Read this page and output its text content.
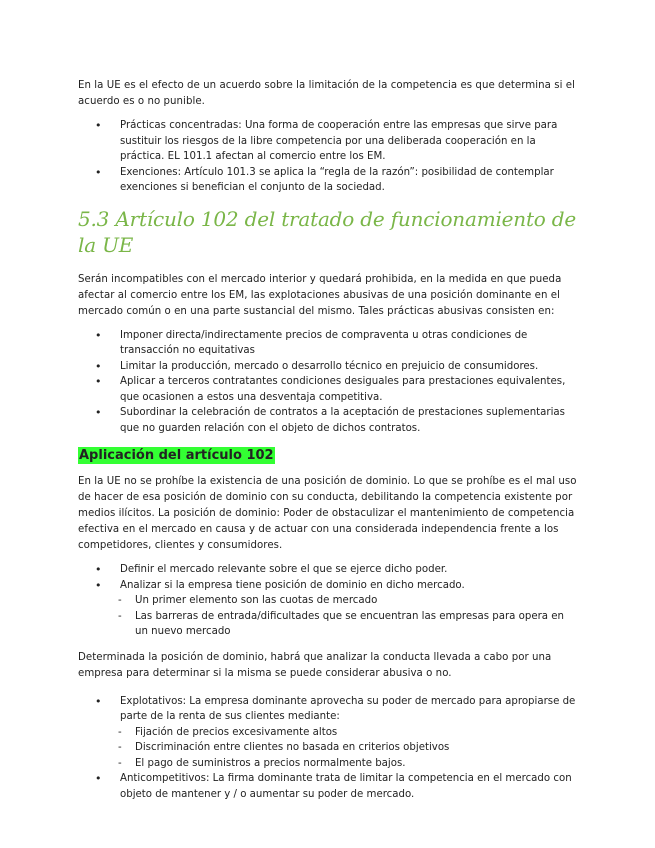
En la UE es el efecto de un acuerdo sobre la limitación de la competencia es que determina si el acuerdo es o no punible.

• Prácticas concentradas: Una forma de cooperación entre las empresas que sirve para sustituir los riesgos de la libre competencia por una deliberada cooperación en la práctica. EL 101.1 afectan al comercio entre los EM.
• Exenciones: Artículo 101.3 se aplica la “regla de la razón”: posibilidad de contemplar exenciones si benefician el conjunto de la sociedad.
5.3 Artículo 102 del tratado de funcionamiento de la UE

Serán incompatibles con el mercado interior y quedará prohibida, en la medida en que pueda afectar al comercio entre los EM, las explotaciones abusivas de una posición dominante en el mercado común o en una parte sustancial del mismo. Tales prácticas abusivas consisten en:

• Imponer directa/indirectamente precios de compraventa u otras condiciones de transacción no equitativas
• Limitar la producción, mercado o desarrollo técnico en prejuicio de consumidores.
• Aplicar a terceros contratantes condiciones desiguales para prestaciones equivalentes, que ocasionen a estos una desventaja competitiva.
• Subordinar la celebración de contratos a la aceptación de prestaciones suplementarias que no guarden relación con el objeto de dichos contratos.
Aplicación del artículo 102

En la UE no se prohíbe la existencia de una posición de dominio. Lo que se prohíbe es el mal uso de hacer de esa posición de dominio con su conducta, debilitando la competencia existente por medios ilícitos. La posición de dominio: Poder de obstaculizar el mantenimiento de competencia efectiva en el mercado en causa y de actuar con una considerada independencia frente a los competidores, clientes y consumidores.

• Definir el mercado relevante sobre el que se ejerce dicho poder.
• Analizar si la empresa tiene posición de dominio en dicho mercado.
- Un primer elemento son las cuotas de mercado
- Las barreras de entrada/dificultades que se encuentran las empresas para opera en un nuevo mercado

Determinada la posición de dominio, habrá que analizar la conducta llevada a cabo por una empresa para determinar si la misma se puede considerar abusiva o no.

• Explotativos: La empresa dominante aprovecha su poder de mercado para apropiarse de parte de la renta de sus clientes mediante:
- Fijación de precios excesivamente altos
- Discriminación entre clientes no basada en criterios objetivos
- El pago de suministros a precios normalmente bajos.
• Anticompetitivos: La firma dominante trata de limitar la competencia en el mercado con objeto de mantener y / o aumentar su poder de mercado.
